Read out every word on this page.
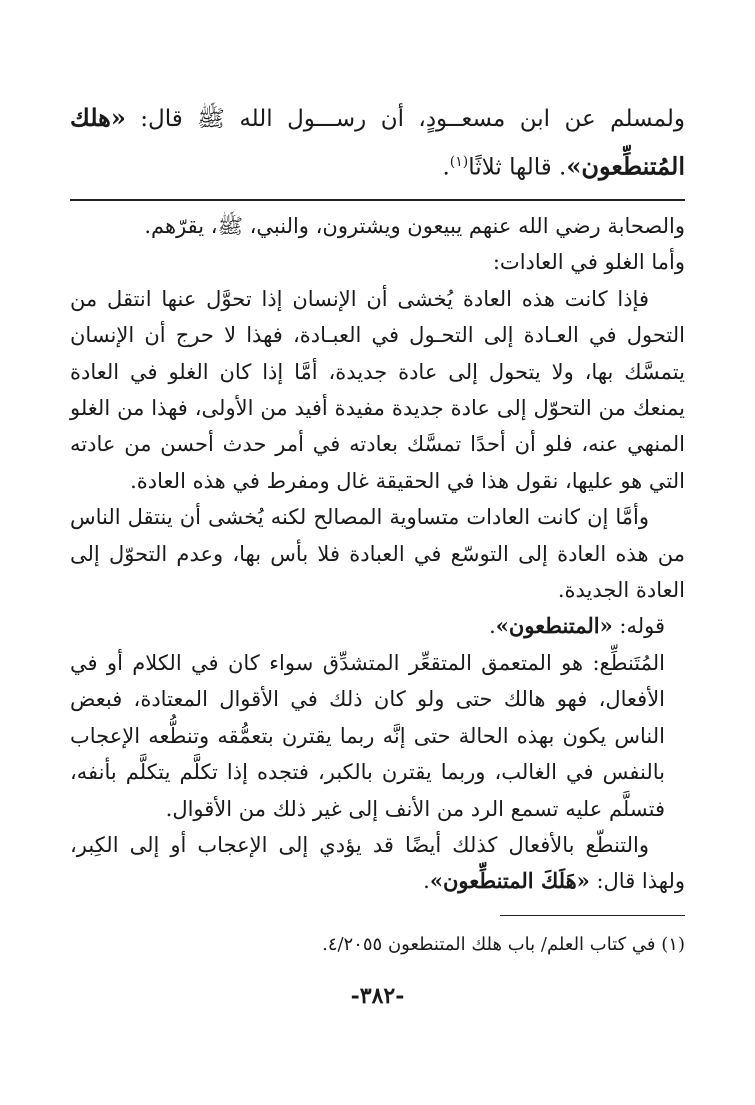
ولمسلم عن ابن مسعــودٍ، أن رســـول الله ﷺ قال: «هلك المُتنطِّعون». قالها ثلاثًا$^{(١)}$.

والصحابة رضي الله عنهم يبيعون ويشترون، والنبي، ﷺ، يقرّهم.

وأما الغلو في العادات:

فإذا كانت هذه العادة يُخشى أن الإنسان إذا تحوَّل عنها انتقل من التحول في العـادة إلى التحـول في العبـادة، فهذا لا حرج أن الإنسان يتمسَّك بها، ولا يتحول إلى عادة جديدة، أمَّا إذا كان الغلو في العادة يمنعك من التحوّل إلى عادة جديدة مفيدة أفيد من الأولى، فهذا من الغلو المنهي عنه، فلو أن أحدًا تمسَّك بعادته في أمر حدث أحسن من عادته التي هو عليها، نقول هذا في الحقيقة غال ومفرط في هذه العادة.

وأمَّا إن كانت العادات متساوية المصالح لكنه يُخشى أن ينتقل الناس من هذه العادة إلى التوسّع في العبادة فلا بأس بها، وعدم التحوّل إلى العادة الجديدة.

قوله: «المتنطعون».

المُتَنطِّع: هو المتعمق المتقعِّر المتشدِّق سواء كان في الكلام أو في الأفعال، فهو هالك حتى ولو كان ذلك في الأقوال المعتادة، فبعض الناس يكون بهذه الحالة حتى إنَّه ربما يقترن بتعمُّقه وتنطُّعه الإعجاب بالنفس في الغالب، وربما يقترن بالكبر، فتجده إذا تكلَّم يتكلَّم بأنفه، فتسلَّم عليه تسمع الرد من الأنف إلى غير ذلك من الأقوال.

والتنطّع بالأفعال كذلك أيضًا قد يؤدي إلى الإعجاب أو إلى الكِبر، ولهذا قال: «هَلَكَ المتنطِّعون».

(١) في كتاب العلم/ باب هلك المتنطعون ٤/٢٠٥٥.
-٣٨٢-
